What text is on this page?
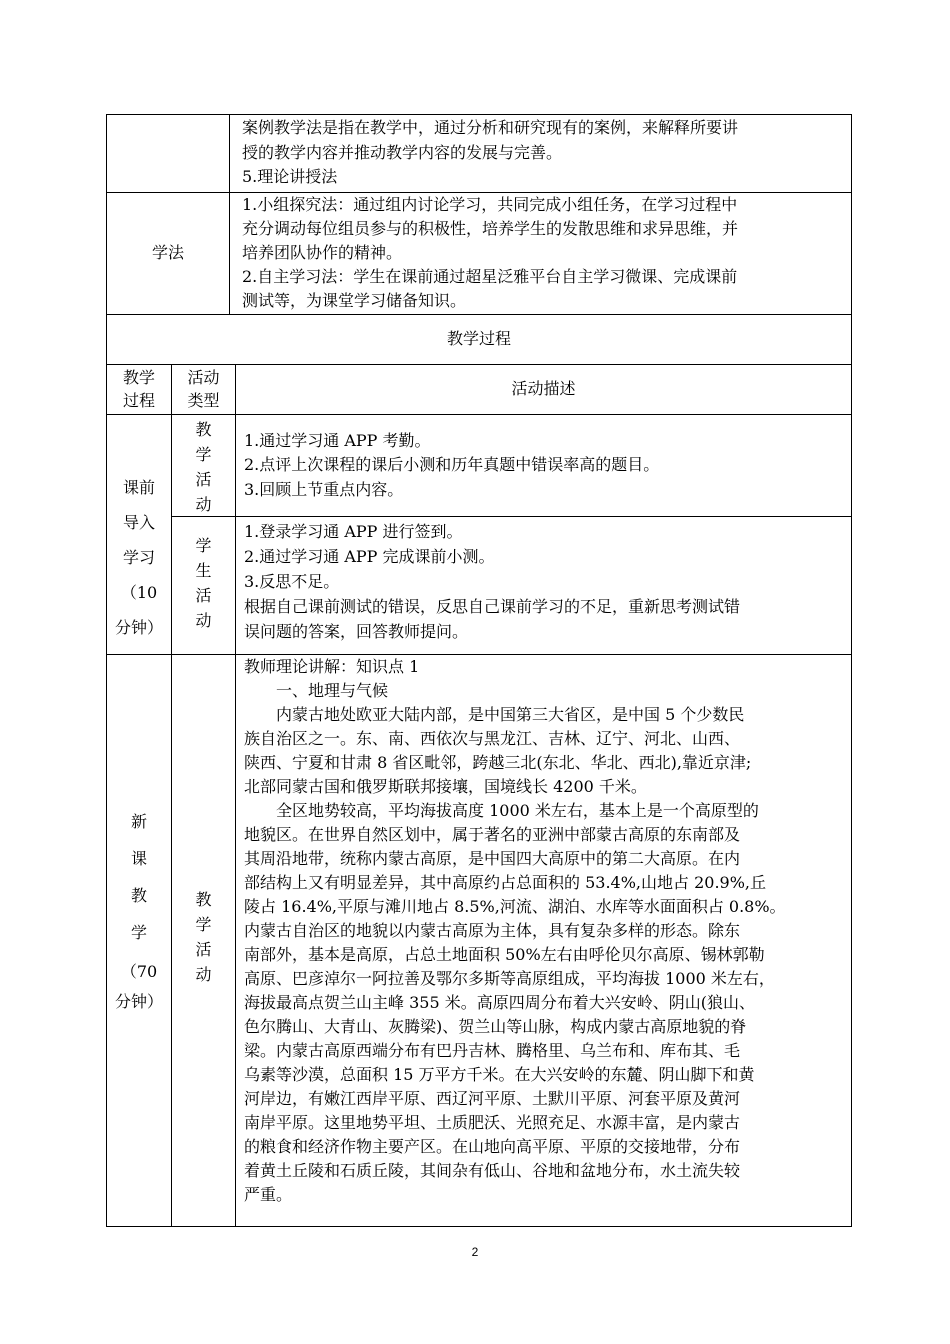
案例教学法是指在教学中，通过分析和研究现有的案例，来解释所要讲
授的教学内容并推动教学内容的发展与完善。
5.理论讲授法
学法
1.小组探究法：通过组内讨论学习，共同完成小组任务，在学习过程中
充分调动每位组员参与的积极性，培养学生的发散思维和求异思维，并
培养团队协作的精神。
2.自主学习法：学生在课前通过超星泛雅平台自主学习微课、完成课前
测试等，为课堂学习储备知识。
教学过程
教学
过程
活动
类型
活动描述
课前
导入
学习
（10
分钟）
教
学
活
动
1.通过学习通 APP 考勤。
2.点评上次课程的课后小测和历年真题中错误率高的题目。
3.回顾上节重点内容。
学
生
活
动
1.登录学习通 APP 进行签到。
2.通过学习通 APP 完成课前小测。
3.反思不足。
根据自己课前测试的错误，反思自己课前学习的不足，重新思考测试错
误问题的答案，回答教师提问。
新
课
教
学
（70
分钟）
教
学
活
动
教师理论讲解：知识点 1
　　一、地理与气候
　　内蒙古地处欧亚大陆内部，是中国第三大省区，是中国 5 个少数民
族自治区之一。东、南、西依次与黑龙江、吉林、辽宁、河北、山西、
陕西、宁夏和甘肃 8 省区毗邻，跨越三北(东北、华北、西北),靠近京津;
北部同蒙古国和俄罗斯联邦接壤，国境线长 4200 千米。
　　全区地势较高，平均海拔高度 1000 米左右，基本上是一个高原型的
地貌区。在世界自然区划中，属于著名的亚洲中部蒙古高原的东南部及
其周沿地带，统称内蒙古高原，是中国四大高原中的第二大高原。在内
部结构上又有明显差异，其中高原约占总面积的 53.4%,山地占 20.9%,丘
陵占 16.4%,平原与滩川地占 8.5%,河流、湖泊、水库等水面面积占 0.8%。
内蒙古自治区的地貌以内蒙古高原为主体，具有复杂多样的形态。除东
南部外，基本是高原，占总土地面积 50%左右由呼伦贝尔高原、锡林郭勒
高原、巴彦淖尔一阿拉善及鄂尔多斯等高原组成，平均海拔 1000 米左右，
海拔最高点贺兰山主峰 355 米。高原四周分布着大兴安岭、阴山(狼山、
色尔腾山、大青山、灰腾梁)、贺兰山等山脉，构成内蒙古高原地貌的脊
梁。内蒙古高原西端分布有巴丹吉林、腾格里、乌兰布和、库布其、毛
乌素等沙漠，总面积 15 万平方千米。在大兴安岭的东麓、阴山脚下和黄
河岸边，有嫩江西岸平原、西辽河平原、土默川平原、河套平原及黄河
南岸平原。这里地势平坦、土质肥沃、光照充足、水源丰富，是内蒙古
的粮食和经济作物主要产区。在山地向高平原、平原的交接地带，分布
着黄土丘陵和石质丘陵，其间杂有低山、谷地和盆地分布，水土流失较
严重。
2
